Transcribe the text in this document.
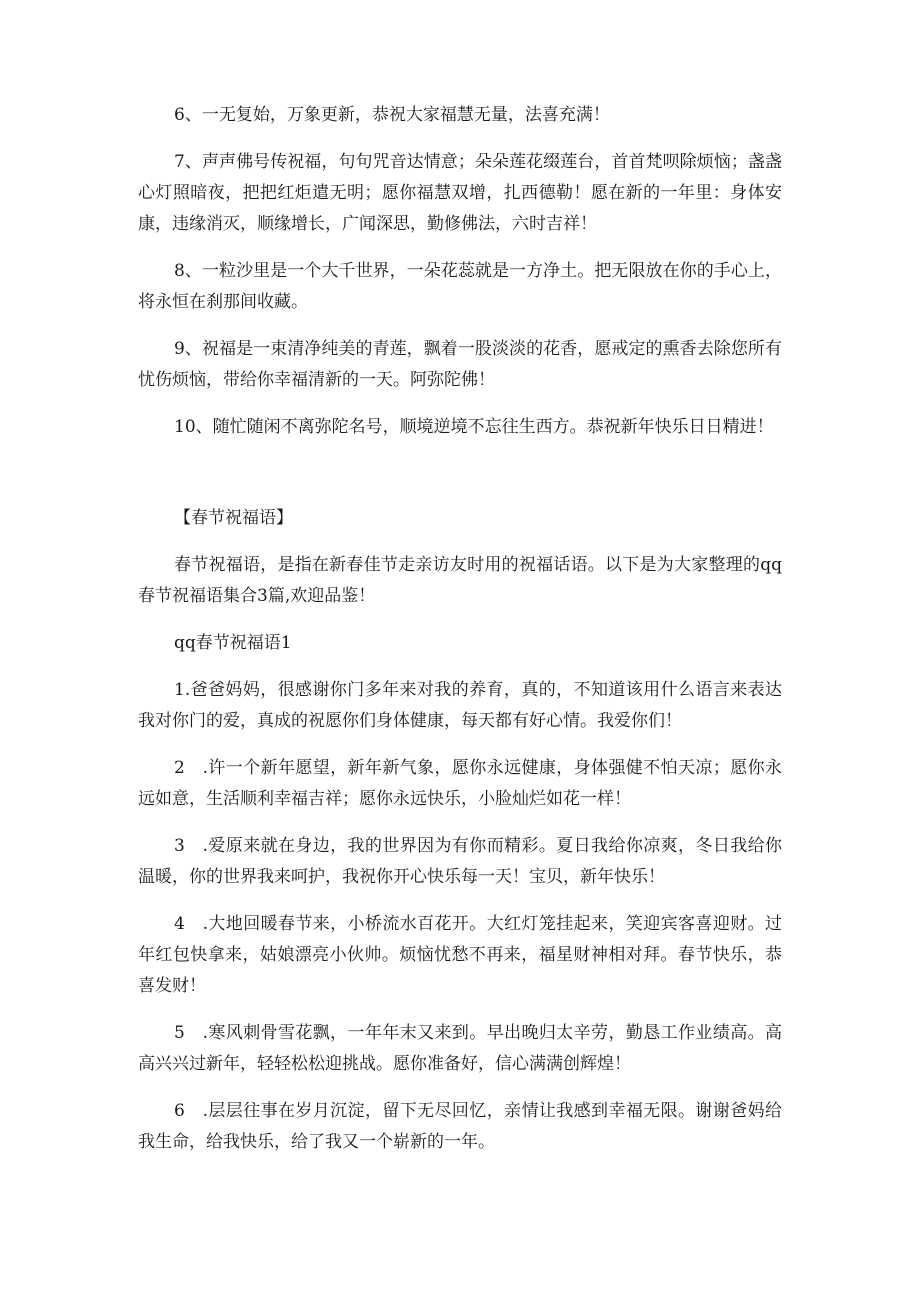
6、一无复始，万象更新，恭祝大家福慧无量，法喜充满！

7、声声佛号传祝福，句句咒音达情意；朵朵莲花缀莲台，首首梵呗除烦恼；盏盏心灯照暗夜，把把红炬遣无明；愿你福慧双增，扎西德勒！愿在新的一年里：身体安康，违缘消灭，顺缘增长，广闻深思，勤修佛法，六时吉祥！

8、一粒沙里是一个大千世界，一朵花蕊就是一方净土。把无限放在你的手心上，将永恒在刹那间收藏。

9、祝福是一束清净纯美的青莲，飘着一股淡淡的花香，愿戒定的熏香去除您所有忧伤烦恼，带给你幸福清新的一天。阿弥陀佛！

10、随忙随闲不离弥陀名号，顺境逆境不忘往生西方。恭祝新年快乐日日精进！

【春节祝福语】

春节祝福语，是指在新春佳节走亲访友时用的祝福话语。以下是为大家整理的qq春节祝福语集合3篇,欢迎品鉴！

qq春节祝福语1

1.爸爸妈妈，很感谢你门多年来对我的养育，真的，不知道该用什么语言来表达我对你门的爱，真成的祝愿你们身体健康，每天都有好心情。我爱你们！

2　.许一个新年愿望，新年新气象，愿你永远健康，身体强健不怕天凉；愿你永远如意，生活顺利幸福吉祥；愿你永远快乐，小脸灿烂如花一样！

3　.爱原来就在身边，我的世界因为有你而精彩。夏日我给你凉爽，冬日我给你温暖，你的世界我来呵护，我祝你开心快乐每一天！宝贝，新年快乐！

4　.大地回暖春节来，小桥流水百花开。大红灯笼挂起来，笑迎宾客喜迎财。过年红包快拿来，姑娘漂亮小伙帅。烦恼忧愁不再来，福星财神相对拜。春节快乐，恭喜发财！

5　.寒风刺骨雪花飘，一年年末又来到。早出晚归太辛劳，勤恳工作业绩高。高高兴兴过新年，轻轻松松迎挑战。愿你准备好，信心满满创辉煌！

6　.层层往事在岁月沉淀，留下无尽回忆，亲情让我感到幸福无限。谢谢爸妈给我生命，给我快乐，给了我又一个崭新的一年。
